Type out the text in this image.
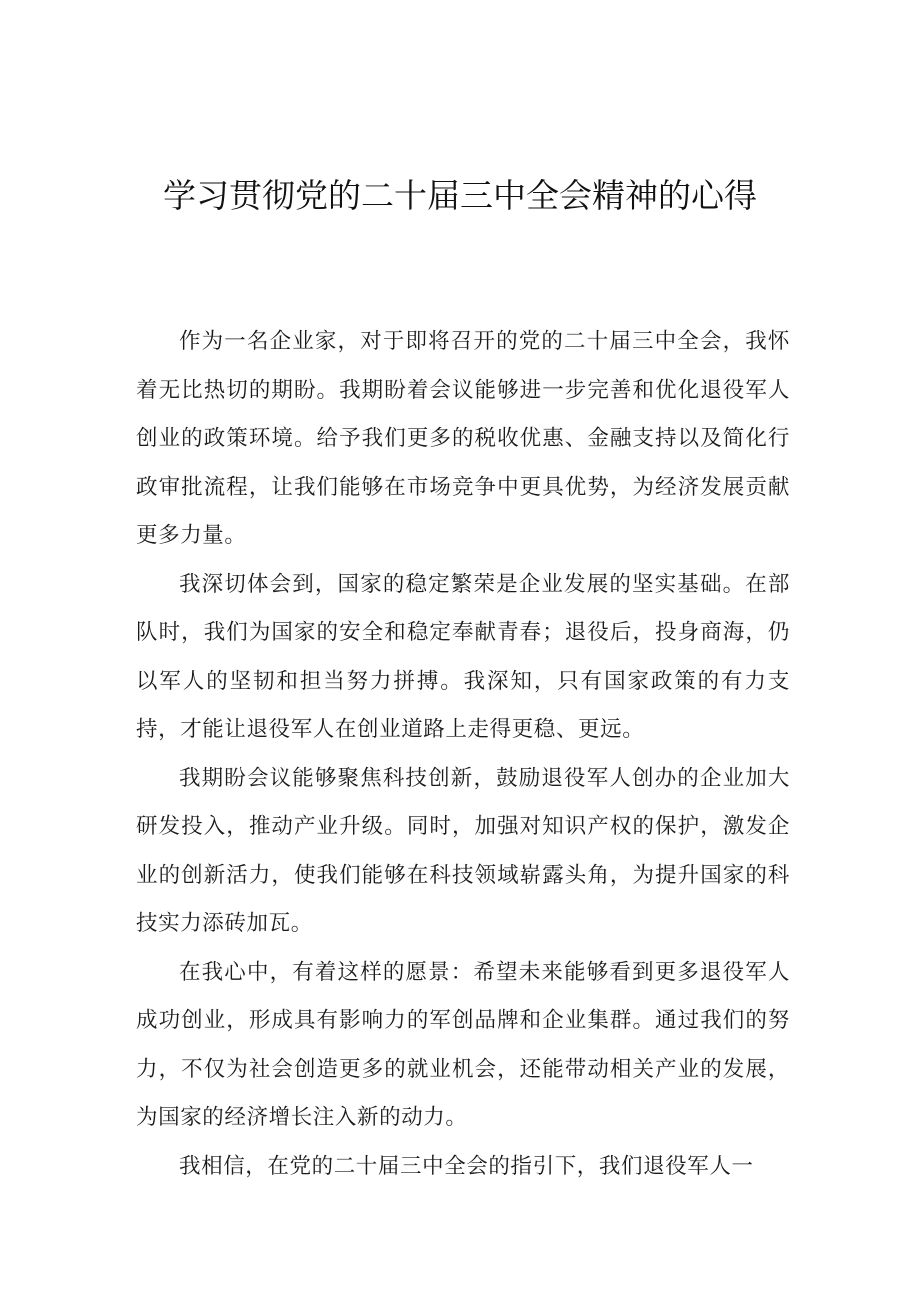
学习贯彻党的二十届三中全会精神的心得

作为一名企业家，对于即将召开的党的二十届三中全会，我怀着无比热切的期盼。我期盼着会议能够进一步完善和优化退役军人创业的政策环境。给予我们更多的税收优惠、金融支持以及简化行政审批流程，让我们能够在市场竞争中更具优势，为经济发展贡献更多力量。

我深切体会到，国家的稳定繁荣是企业发展的坚实基础。在部队时，我们为国家的安全和稳定奉献青春；退役后，投身商海，仍以军人的坚韧和担当努力拼搏。我深知，只有国家政策的有力支持，才能让退役军人在创业道路上走得更稳、更远。

我期盼会议能够聚焦科技创新，鼓励退役军人创办的企业加大研发投入，推动产业升级。同时，加强对知识产权的保护，激发企业的创新活力，使我们能够在科技领域崭露头角，为提升国家的科技实力添砖加瓦。

在我心中，有着这样的愿景：希望未来能够看到更多退役军人成功创业，形成具有影响力的军创品牌和企业集群。通过我们的努力，不仅为社会创造更多的就业机会，还能带动相关产业的发展，为国家的经济增长注入新的动力。

我相信，在党的二十届三中全会的指引下，我们退役军人一
